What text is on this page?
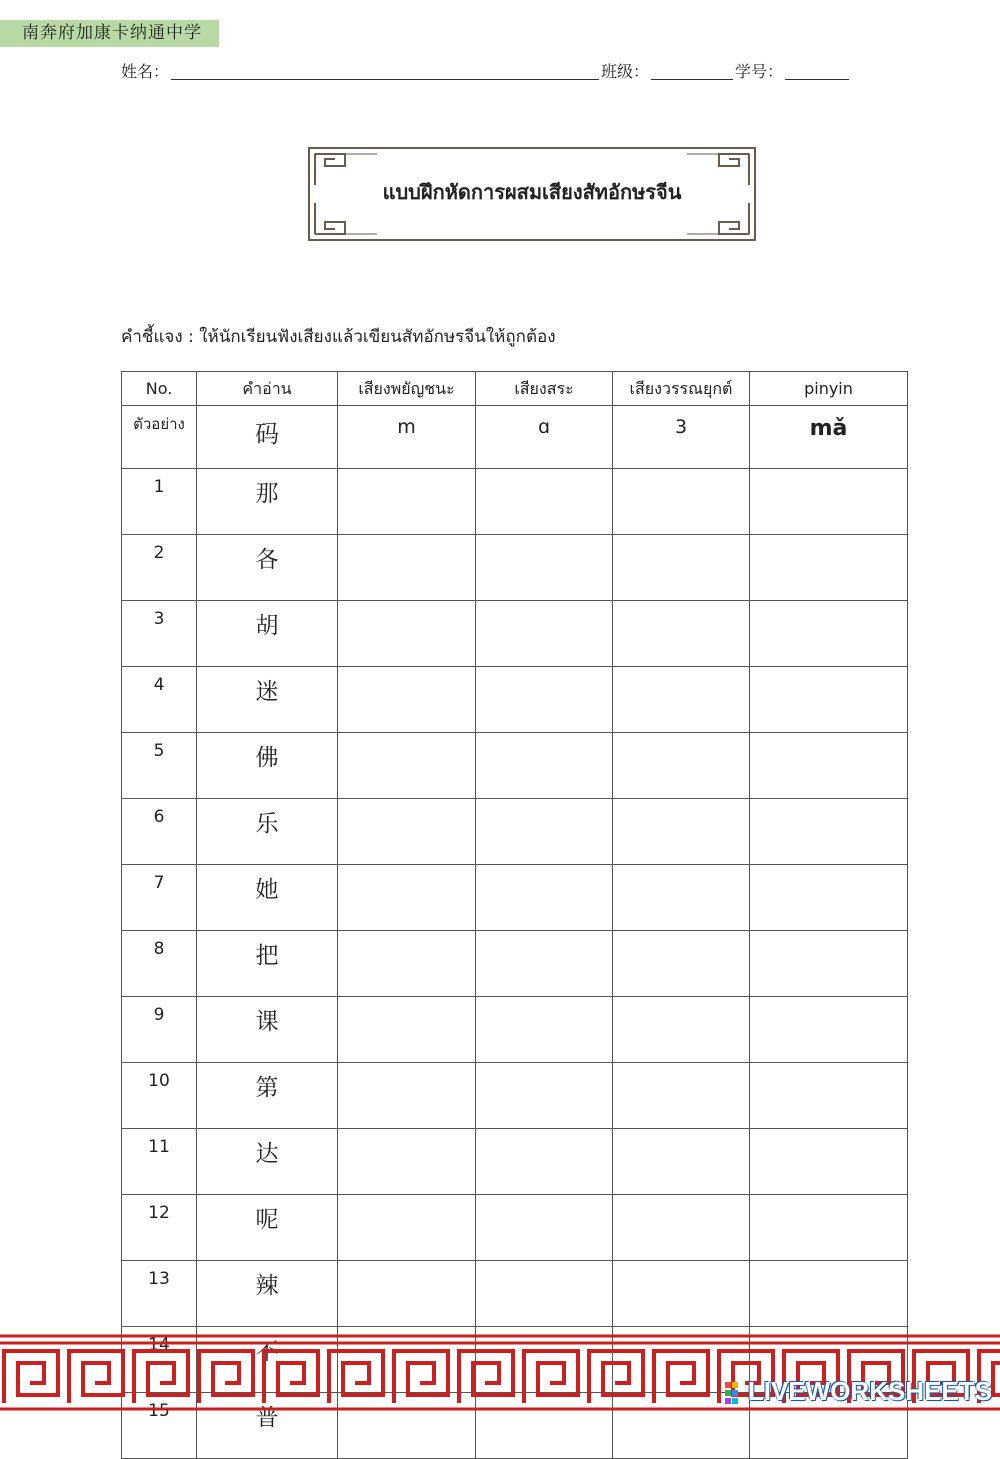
南奔府加康卡纳通中学
姓名：	班级：	学号：
แบบฝึกหัดการผสมเสียงสัทอักษรจีน
คำชี้แจง : ให้นักเรียนฟังเสียงแล้วเขียนสัทอักษรจีนให้ถูกต้อง
No.	คำอ่าน	เสียงพยัญชนะ	เสียงสระ	เสียงวรรณยุกต์	pinyin
ตัวอย่าง	码	m	ɑ	3	mǎ
1	那				
2	各				
3	胡				
4	迷				
5	佛				
6	乐				
7	她				
8	把				
9	课				
10	第				
11	达				
12	呢				
13	辣				
14	不				
15	普				
LIVEWORKSHEETS
